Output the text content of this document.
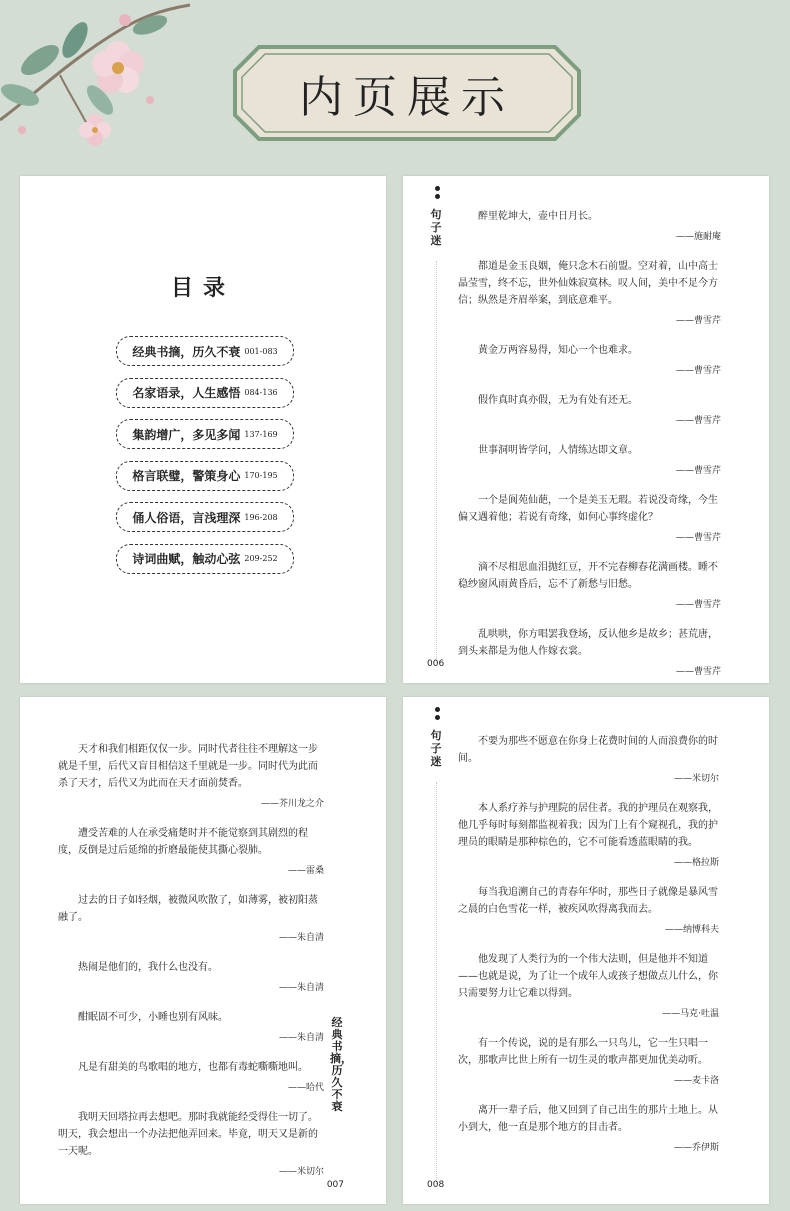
内页展示
目录
经典书摘，历久不衰 001-083
名家语录，人生感悟 084-136
集韵增广，多见多闻 137-169
格言联璧，警策身心 170-195
俑人俗语，言浅理深 196-208
诗词曲赋，触动心弦 209-252
句子迷

醉里乾坤大，壶中日月长。

——施耐庵

都道是金玉良姻，俺只念木石前盟。空对着，山中高士晶莹雪，终不忘，世外仙姝寂寞林。叹人间，美中不足今方信；纵然是齐眉举案，到底意难平。

——曹雪芹

黄金万两容易得，知心一个也难求。

——曹雪芹

假作真时真亦假，无为有处有还无。

——曹雪芹

世事洞明皆学问，人情练达即文章。

——曹雪芹

一个是阆苑仙葩，一个是美玉无瑕。若说没奇缘，今生偏又遇着他；若说有奇缘，如何心事终虚化？

——曹雪芹

滴不尽相思血泪抛红豆，开不完春柳春花满画楼。睡不稳纱窗风雨黄昏后，忘不了新愁与旧愁。

——曹雪芹

乱哄哄，你方唱罢我登场，反认他乡是故乡；甚荒唐，到头来都是为他人作嫁衣裳。

——曹雪芹

006

天才和我们相距仅仅一步。同时代者往往不理解这一步就是千里，后代又盲目相信这千里就是一步。同时代为此而杀了天才，后代又为此而在天才面前焚香。

——芥川龙之介

遭受苦难的人在承受痛楚时并不能觉察到其剧烈的程度，反倒是过后延绵的折磨最能使其撕心裂肺。

——雷桑

过去的日子如轻烟，被微风吹散了，如薄雾，被初阳蒸融了。

——朱自清

热闹是他们的，我什么也没有。

——朱自清

酣眠固不可少，小睡也别有风味。

——朱自清

凡是有甜美的鸟歌唱的地方，也都有毒蛇嘶嘶地叫。

——哈代

我明天回塔拉再去想吧。那时我就能经受得住一切了。明天，我会想出一个办法把他弄回来。毕竟，明天又是新的一天呢。

——米切尔

经典书摘，历久不衰
007
句子迷

不要为那些不愿意在你身上花费时间的人而浪费你的时间。

——米切尔

本人系疗养与护理院的居住者。我的护理员在观察我，他几乎每时每刻都监视着我；因为门上有个窥视孔，我的护理员的眼睛是那种棕色的，它不可能看透蓝眼睛的我。

——格拉斯

每当我追溯自己的青春年华时，那些日子就像是暴风雪之晨的白色雪花一样，被疾风吹得离我而去。

——纳博科夫

他发现了人类行为的一个伟大法则，但是他并不知道——也就是说，为了让一个成年人或孩子想做点儿什么，你只需要努力让它难以得到。

——马克·吐温

有一个传说，说的是有那么一只鸟儿，它一生只唱一次，那歌声比世上所有一切生灵的歌声都更加优美动听。

——麦卡洛

离开一辈子后，他又回到了自己出生的那片土地上。从小到大，他一直是那个地方的目击者。

——乔伊斯

008
